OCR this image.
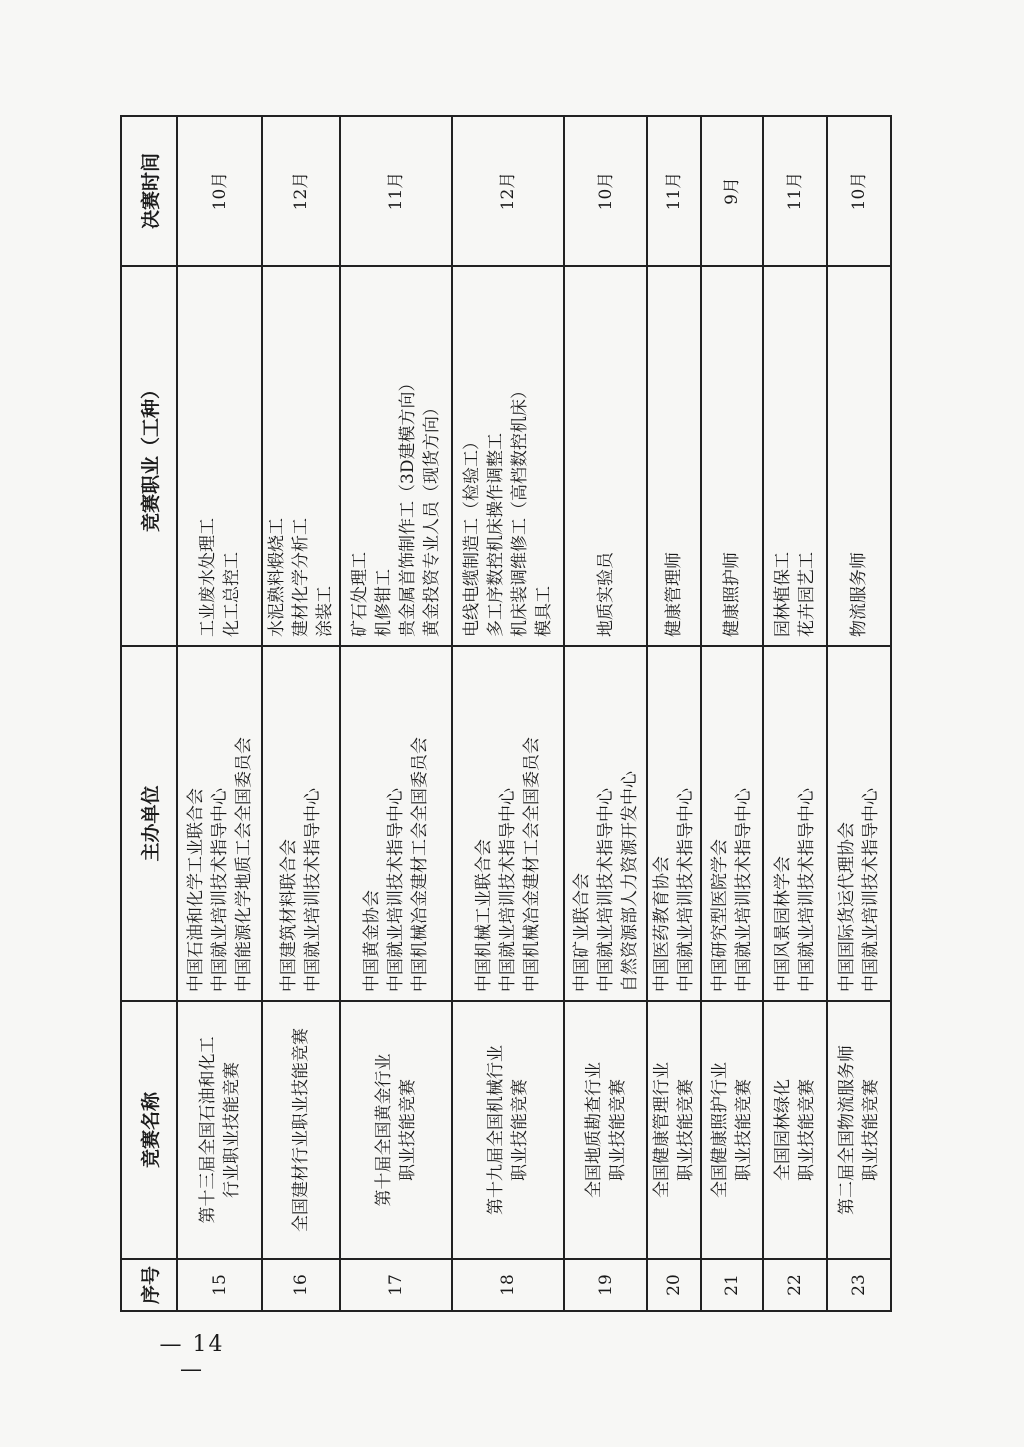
— 14 —
序号	竞赛名称	主办单位	竞赛职业（工种）	决赛时间
15	第十三届全国石油和化工 行业职业技能竞赛	中国石油和化学工业联合会 中国就业培训技术指导中心 中国能源化学地质工会全国委员会	工业废水处理工 化工总控工	10月
16	全国建材行业职业技能竞赛	中国建筑材料联合会 中国就业培训技术指导中心	水泥熟料煅烧工 建材化学分析工 涂装工	12月
17	第十届全国黄金行业 职业技能竞赛	中国黄金协会 中国就业培训技术指导中心 中国机械冶金建材工会全国委员会	矿石处理工 机修钳工 贵金属首饰制作工（3D建模方向） 黄金投资专业人员（现货方向）	11月
18	第十九届全国机械行业 职业技能竞赛	中国机械工业联合会 中国就业培训技术指导中心 中国机械冶金建材工会全国委员会	电线电缆制造工（检验工） 多工序数控机床操作调整工 机床装调维修工（高档数控机床） 模具工	12月
19	全国地质勘查行业 职业技能竞赛	中国矿业联合会 中国就业培训技术指导中心 自然资源部人力资源开发中心	地质实验员	10月
20	全国健康管理行业 职业技能竞赛	中国医药教育协会 中国就业培训技术指导中心	健康管理师	11月
21	全国健康照护行业 职业技能竞赛	中国研究型医院学会 中国就业培训技术指导中心	健康照护师	9月
22	全国园林绿化 职业技能竞赛	中国风景园林学会 中国就业培训技术指导中心	园林植保工 花卉园艺工	11月
23	第二届全国物流服务师 职业技能竞赛	中国国际货运代理协会 中国就业培训技术指导中心	物流服务师	10月
